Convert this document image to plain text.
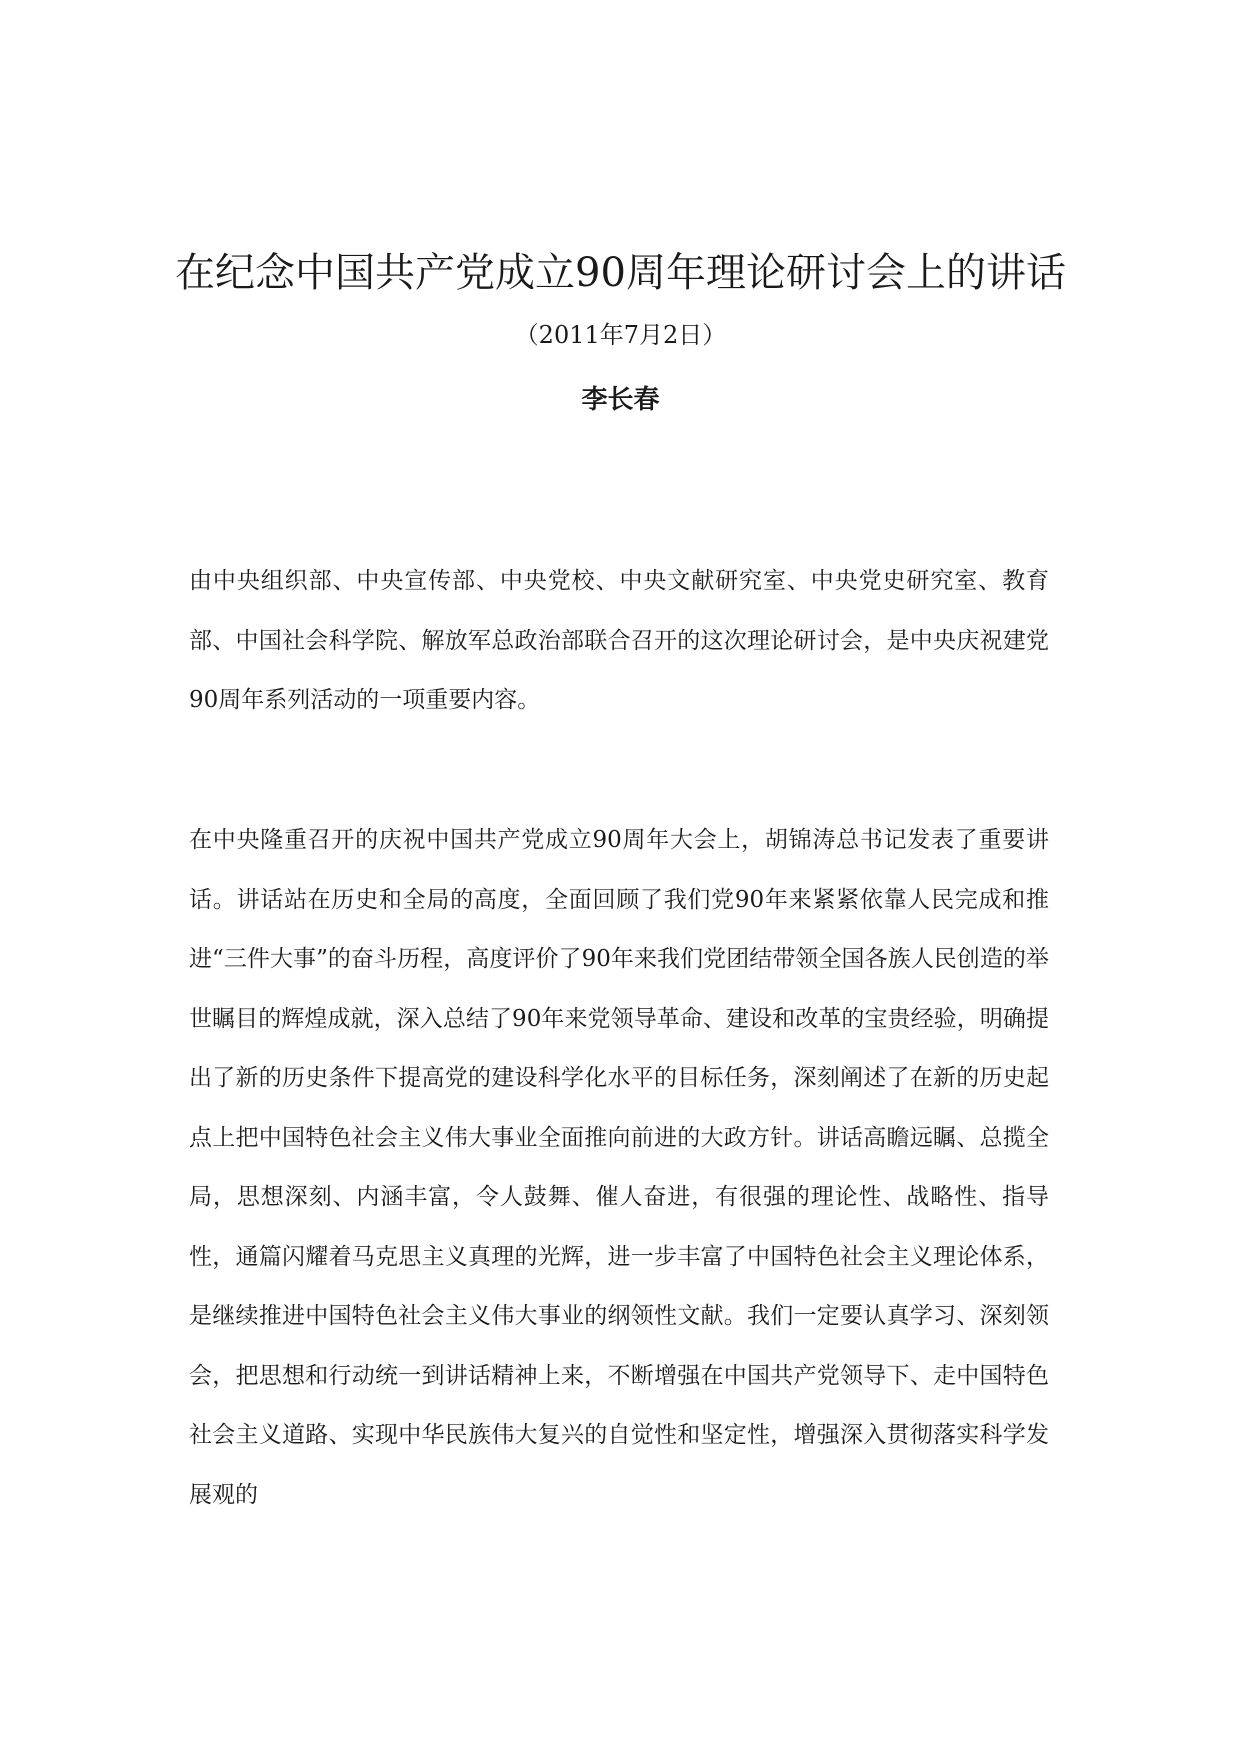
在纪念中国共产党成立90周年理论研讨会上的讲话

（2011年7月2日）

李长春

由中央组织部、中央宣传部、中央党校、中央文献研究室、中央党史研究室、教育部、中国社会科学院、解放军总政治部联合召开的这次理论研讨会，是中央庆祝建党90周年系列活动的一项重要内容。

在中央隆重召开的庆祝中国共产党成立90周年大会上，胡锦涛总书记发表了重要讲话。讲话站在历史和全局的高度，全面回顾了我们党90年来紧紧依靠人民完成和推进“三件大事”的奋斗历程，高度评价了90年来我们党团结带领全国各族人民创造的举世瞩目的辉煌成就，深入总结了90年来党领导革命、建设和改革的宝贵经验，明确提出了新的历史条件下提高党的建设科学化水平的目标任务，深刻阐述了在新的历史起点上把中国特色社会主义伟大事业全面推向前进的大政方针。讲话高瞻远瞩、总揽全局，思想深刻、内涵丰富，令人鼓舞、催人奋进，有很强的理论性、战略性、指导性，通篇闪耀着马克思主义真理的光辉，进一步丰富了中国特色社会主义理论体系，是继续推进中国特色社会主义伟大事业的纲领性文献。我们一定要认真学习、深刻领会，把思想和行动统一到讲话精神上来，不断增强在中国共产党领导下、走中国特色社会主义道路、实现中华民族伟大复兴的自觉性和坚定性，增强深入贯彻落实科学发展观的
